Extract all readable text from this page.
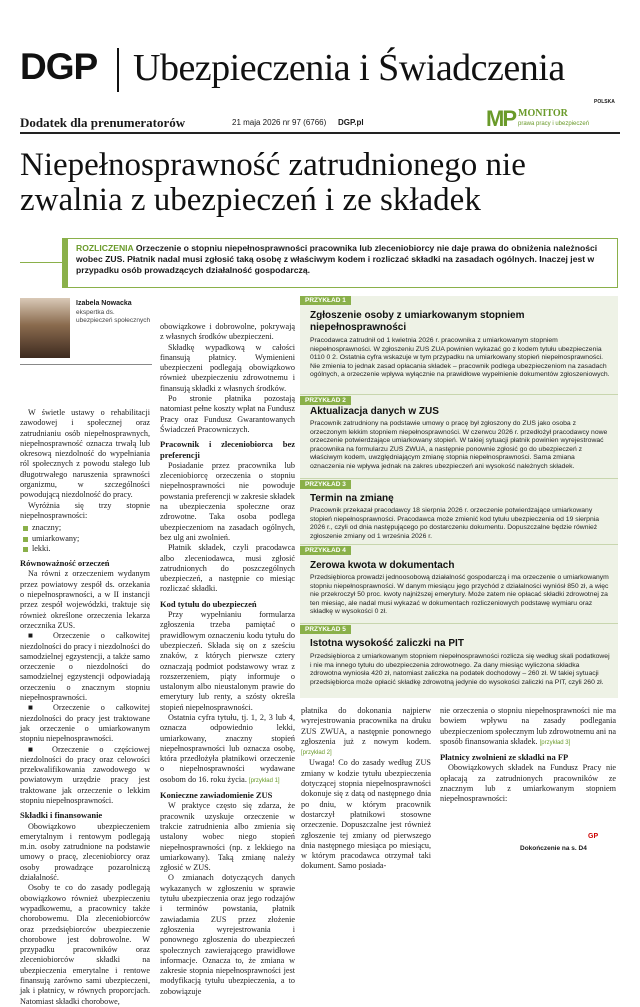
DGP Ubezpieczenia i Świadczenia
Dodatek dla prenumeratorów	21 maja 2026 nr 97 (6766) DGP.pl
POLSKA
MP MONITOR
prawa pracy i ubezpieczeń
Niepełnosprawność zatrudnionego nie zwalnia z ubezpieczeń i ze składek
ROZLICZENIA Orzeczenie o stopniu niepełnosprawności pracownika lub zleceniobiorcy nie daje prawa do obniżenia należności wobec ZUS. Płatnik nadal musi zgłosić taką osobę z właściwym kodem i rozliczać składki na zasadach ogólnych. Inaczej jest w przypadku osób prowadzących działalność gospodarczą.
Izabela Nowacka
ekspertka ds. ubezpieczeń społecznych

W świetle ustawy o rehabilitacji zawodowej i społecznej oraz zatrudnianiu osób niepełnosprawnych, niepełnosprawność oznacza trwałą lub okresową niezdolność do wypełniania ról społecznych z powodu stałego lub długotrwałego naruszenia sprawności organizmu, w szczególności powodującą niezdolność do pracy.

Wyróżnia się trzy stopnie niepełnosprawności:

znaczny;
umiarkowany;
lekki.
Równoważność orzeczeń

Na równi z orzeczeniem wydanym przez powiatowy zespół ds. orzekania o niepełnosprawności, a w II instancji przez zespół wojewódzki, traktuje się również określone orzeczenia lekarza orzecznika ZUS.

■ Orzeczenie o całkowitej niezdolności do pracy i niezdolności do samodzielnej egzystencji, a także samo orzeczenie o niezdolności do samodzielnej egzystencji odpowiadają orzeczeniu o znacznym stopniu niepełnosprawności.

■ Orzeczenie o całkowitej niezdolności do pracy jest traktowane jak orzeczenie o umiarkowanym stopniu niepełnosprawności.

■ Orzeczenie o częściowej niezdolności do pracy oraz celowości przekwalifikowania zawodowego w powiatowym urzędzie pracy jest traktowane jak orzeczenie o lekkim stopniu niepełnosprawności.

Składki i finansowanie

Obowiązkowo ubezpieczeniem emerytalnym i rentowym podlegają m.in. osoby zatrudnione na podstawie umowy o pracę, zleceniobiorcy oraz osoby prowadzące pozarolniczą działalność.

Osoby te co do zasady podlegają obowiązkowo również ubezpieczeniu wypadkowemu, a pracownicy także chorobowemu. Dla zleceniobiorców oraz przedsiębiorców ubezpieczenie chorobowe jest dobrowolne. W przypadku pracowników oraz zleceniobiorców składki na ubezpieczenia emerytalne i rentowe finansują zarówno sami ubezpieczeni, jak i płatnicy, w równych proporcjach. Natomiast składki chorobowe,

obowiązkowe i dobrowolne, pokrywają z własnych środków ubezpieczeni.

Składkę wypadkową w całości finansują płatnicy. Wymienieni ubezpieczeni podlegają obowiązkowo również ubezpieczeniu zdrowotnemu i finansują składki z własnych środków.

Po stronie płatnika pozostają natomiast pełne koszty wpłat na Fundusz Pracy oraz Fundusz Gwarantowanych Świadczeń Pracowniczych.

Pracownik i zleceniobiorca bez preferencji

Posiadanie przez pracownika lub zleceniobiorcę orzeczenia o stopniu niepełnosprawności nie powoduje powstania preferencji w zakresie składek na ubezpieczenia społeczne oraz zdrowotne. Taka osoba podlega ubezpieczeniom na zasadach ogólnych, bez ulg ani zwolnień.

Płatnik składek, czyli pracodawca albo zleceniodawca, musi zgłosić zatrudnionych do poszczególnych ubezpieczeń, a następnie co miesiąc rozliczać składki.

Kod tytułu do ubezpieczeń

Przy wypełnianiu formularza zgłoszenia trzeba pamiętać o prawidłowym oznaczeniu kodu tytułu do ubezpieczeń. Składa się on z sześciu znaków, z których pierwsze cztery oznaczają podmiot podstawowy wraz z rozszerzeniem, piąty informuje o ustalonym albo nieustalonym prawie do emerytury lub renty, a szósty określa stopień niepełnosprawności.

Ostatnia cyfra tytułu, tj. 1, 2, 3 lub 4, oznacza odpowiednio lekki, umiarkowany, znaczny stopień niepełnosprawności lub oznacza osobę, która przedłożyła płatnikowi orzeczenie o niepełnosprawności wydawane osobom do 16. roku życia. [przykład 1]

Konieczne zawiadomienie ZUS

W praktyce często się zdarza, że pracownik uzyskuje orzeczenie w trakcie zatrudnienia albo zmienia się ustalony wobec niego stopień niepełnosprawności (np. z lekkiego na umiarkowany). Taką zmianę należy zgłosić w ZUS.

O zmianach dotyczących danych wykazanych w zgłoszeniu w sprawie tytułu ubezpieczenia oraz jego rodzajów i terminów powstania, płatnik zawiadamia ZUS przez złożenie zgłoszenia wyrejestrowania i ponownego zgłoszenia do ubezpieczeń społecznych zawierającego prawidłowe informacje. Oznacza to, że zmiana w zakresie stopnia niepełnosprawności jest modyfikacją tytułu ubezpieczenia, a to zobowiązuje

PRZYKŁAD 1
Zgłoszenie osoby z umiarkowanym stopniem niepełnosprawności
Pracodawca zatrudnił od 1 kwietnia 2026 r. pracownika z umiarkowanym stopniem niepełnosprawności. W zgłoszeniu ZUS ZUA powinien wykazać go z kodem tytułu ubezpieczenia 0110 0 2. Ostatnia cyfra wskazuje w tym przypadku na umiarkowany stopień niepełnosprawności. Nie zmienia to jednak zasad opłacania składek – pracownik podlega ubezpieczeniom na zasadach ogólnych, a orzeczenie wpływa wyłącznie na prawidłowe wypełnienie dokumentów zgłoszeniowych.
PRZYKŁAD 2
Aktualizacja danych w ZUS
Pracownik zatrudniony na podstawie umowy o pracę był zgłoszony do ZUS jako osoba z orzeczonym lekkim stopniem niepełnosprawności. W czerwcu 2026 r. przedłożył pracodawcy nowe orzeczenie potwierdzające umiarkowany stopień. W takiej sytuacji płatnik powinien wyrejestrować pracownika na formularzu ZUS ZWUA, a następnie ponownie zgłosić go do ubezpieczeń z właściwym kodem, uwzględniającym zmianę stopnia niepełnosprawności. Sama zmiana oznaczenia nie wpływa jednak na zakres ubezpieczeń ani wysokość należnych składek.
PRZYKŁAD 3
Termin na zmianę
Pracownik przekazał pracodawcy 18 sierpnia 2026 r. orzeczenie potwierdzające umiarkowany stopień niepełnosprawności. Pracodawca może zmienić kod tytułu ubezpieczenia od 19 sierpnia 2026 r., czyli od dnia następującego po dostarczeniu dokumentu. Dopuszczalne będzie również zgłoszenie zmiany od 1 września 2026 r.
PRZYKŁAD 4
Zerowa kwota w dokumentach
Przedsiębiorca prowadzi jednoosobową działalność gospodarczą i ma orzeczenie o umiarkowanym stopniu niepełnosprawności. W danym miesiącu jego przychód z działalności wyniósł 850 zł, a więc nie przekroczył 50 proc. kwoty najniższej emerytury. Może zatem nie opłacać składki zdrowotnej za ten miesiąc, ale nadal musi wykazać w dokumentach rozliczeniowych podstawę wymiaru oraz składkę w wysokości 0 zł.
PRZYKŁAD 5
Istotna wysokość zaliczki na PIT
Przedsiębiorca z umiarkowanym stopniem niepełnosprawności rozlicza się według skali podatkowej i nie ma innego tytułu do ubezpieczenia zdrowotnego. Za dany miesiąc wyliczona składka zdrowotna wyniosła 420 zł, natomiast zaliczka na podatek dochodowy – 260 zł. W takiej sytuacji przedsiębiorca może opłacić składkę zdrowotną jedynie do wysokości zaliczki na PIT, czyli 260 zł.

płatnika do dokonania najpierw wyrejestrowania pracownika na druku ZUS ZWUA, a następnie ponownego zgłoszenia już z nowym kodem. [przykład 2]

Uwaga! Co do zasady według ZUS zmiany w kodzie tytułu ubezpieczenia dotyczącej stopnia niepełnosprawności dokonuje się z datą od następnego dnia po dniu, w którym pracownik dostarczył płatnikowi stosowne orzeczenie. Dopuszczalne jest również zgłoszenie tej zmiany od pierwszego dnia następnego miesiąca po miesiącu, w którym pracodawca otrzymał taki dokument. Samo posiada-

nie orzeczenia o stopniu niepełnosprawności nie ma bowiem wpływu na zasady podlegania ubezpieczeniom społecznym lub zdrowotnemu ani na sposób finansowania składek. [przykład 3]

Płatnicy zwolnieni ze składki na FP

Obowiązkowych składek na Fundusz Pracy nie opłacają za zatrudnionych pracowników ze znacznym lub z umiarkowanym stopniem niepełnosprawności:

GP
Dokończenie na s. D4
